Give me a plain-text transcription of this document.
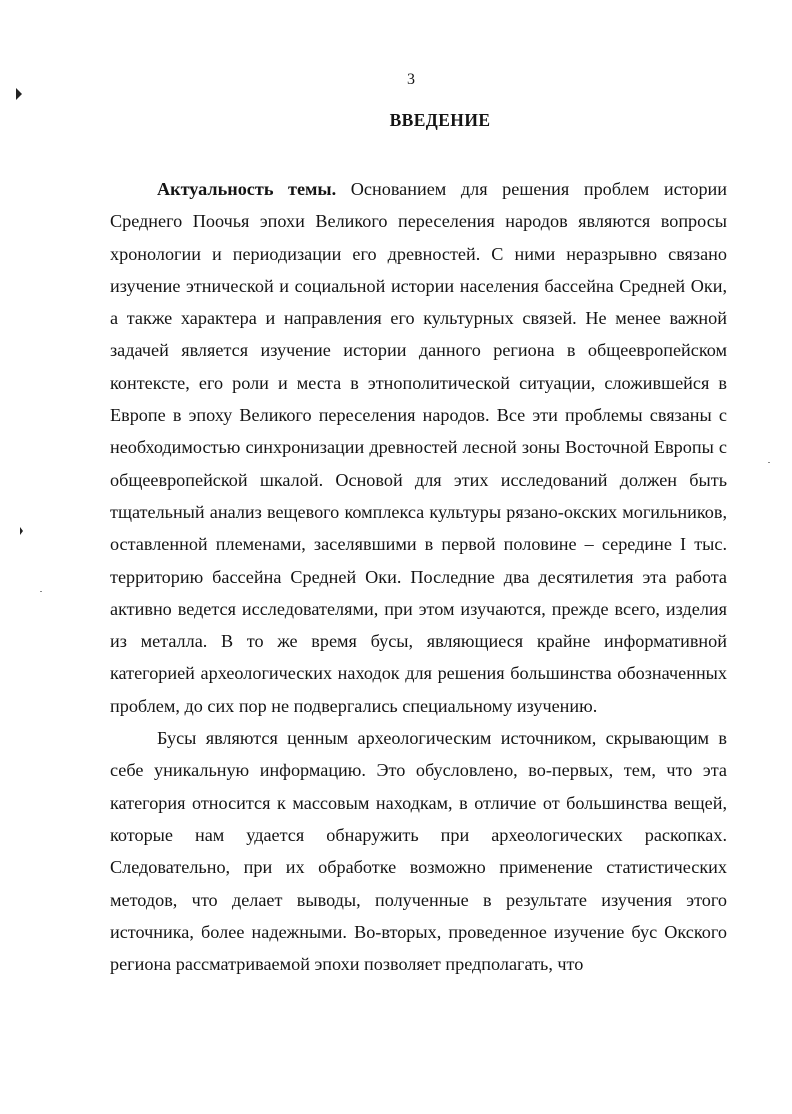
3
ВВЕДЕНИЕ

Актуальность темы. Основанием для решения проблем истории Среднего Поочья эпохи Великого переселения народов являются вопросы хронологии и периодизации его древностей. С ними неразрывно связано изучение этнической и социальной истории населения бассейна Средней Оки, а также характера и направления его культурных связей. Не менее важной задачей является изучение истории данного региона в общеевропейском контексте, его роли и места в этнополитической ситуации, сложившейся в Европе в эпоху Великого переселения народов. Все эти проблемы связаны с необходимостью синхронизации древностей лесной зоны Восточной Европы с общеевропейской шкалой. Основой для этих исследований должен быть тщательный анализ вещевого комплекса культуры рязано-окских могильников, оставленной племенами, заселявшими в первой половине – середине I тыс. территорию бассейна Средней Оки. Последние два десятилетия эта работа активно ведется исследователями, при этом изучаются, прежде всего, изделия из металла. В то же время бусы, являющиеся крайне информативной категорией археологических находок для решения большинства обозначенных проблем, до сих пор не подвергались специальному изучению.

Бусы являются ценным археологическим источником, скрывающим в себе уникальную информацию. Это обусловлено, во-первых, тем, что эта категория относится к массовым находкам, в отличие от большинства вещей, которые нам удается обнаружить при археологических раскопках. Следовательно, при их обработке возможно применение статистических методов, что делает выводы, полученные в результате изучения этого источника, более надежными. Во-вторых, проведенное изучение бус Окского региона рассматриваемой эпохи позволяет предполагать, что
